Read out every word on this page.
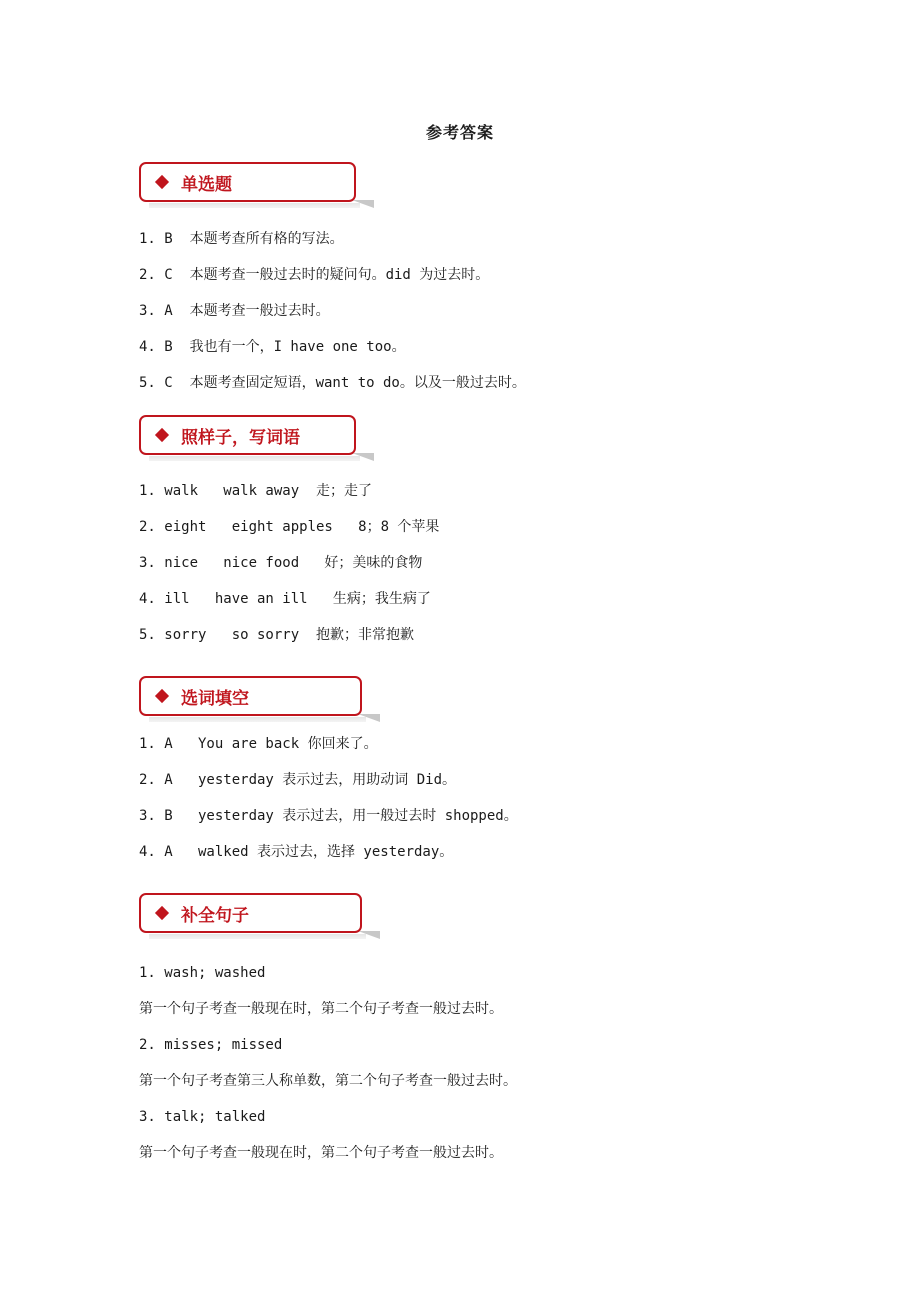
参考答案
单选题
1. B  本题考查所有格的写法。
2. C  本题考查一般过去时的疑问句。did 为过去时。
3. A  本题考查一般过去时。
4. B  我也有一个，I have one too。
5. C  本题考查固定短语，want to do。以及一般过去时。
照样子，写词语
1. walk   walk away  走；走了
2. eight   eight apples   8；8 个苹果
3. nice   nice food   好；美味的食物
4. ill   have an ill   生病；我生病了
5. sorry   so sorry  抱歉；非常抱歉
选词填空
1. A   You are back 你回来了。
2. A   yesterday 表示过去，用助动词 Did。
3. B   yesterday 表示过去，用一般过去时 shopped。
4. A   walked 表示过去，选择 yesterday。
补全句子
1. wash; washed
第一个句子考查一般现在时，第二个句子考查一般过去时。
2. misses; missed
第一个句子考查第三人称单数，第二个句子考查一般过去时。
3. talk; talked
第一个句子考查一般现在时，第二个句子考查一般过去时。
